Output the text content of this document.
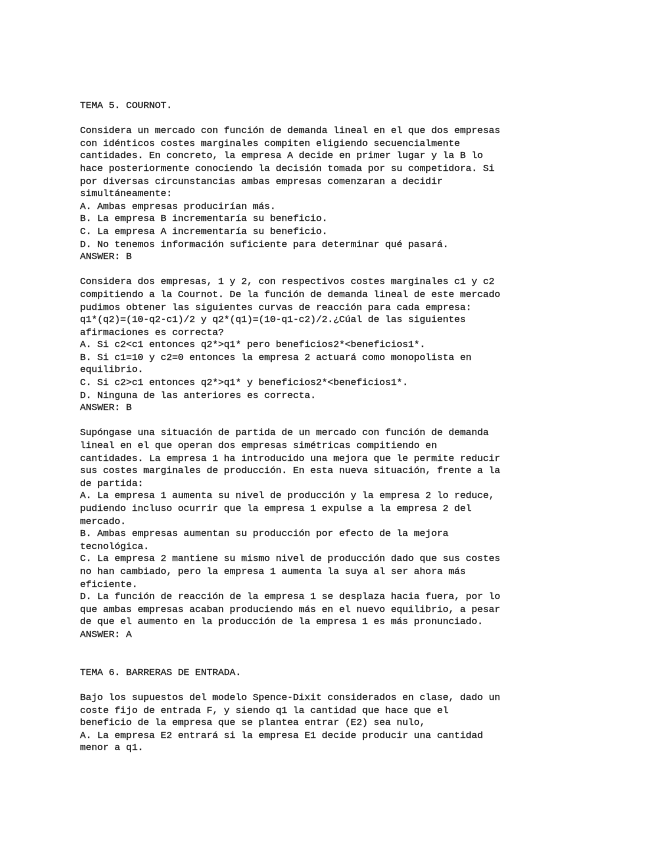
TEMA 5. COURNOT.
Considera un mercado con función de demanda lineal en el que dos empresas
con idénticos costes marginales compiten eligiendo secuencialmente
cantidades. En concreto, la empresa A decide en primer lugar y la B lo
hace posteriormente conociendo la decisión tomada por su competidora. Si
por diversas circunstancias ambas empresas comenzaran a decidir
simultáneamente:
A. Ambas empresas producirían más.
B. La empresa B incrementaría su beneficio.
C. La empresa A incrementaría su beneficio.
D. No tenemos información suficiente para determinar qué pasará.
ANSWER: B
Considera dos empresas, 1 y 2, con respectivos costes marginales c1 y c2
compitiendo a la Cournot. De la función de demanda lineal de este mercado
pudimos obtener las siguientes curvas de reacción para cada empresa:
q1*(q2)=(10-q2-c1)/2 y q2*(q1)=(10-q1-c2)/2.¿Cúal de las siguientes
afirmaciones es correcta?
A. Si c2<c1 entonces q2*>q1* pero beneficios2*<beneficios1*.
B. Si c1=10 y c2=0 entonces la empresa 2 actuará como monopolista en
equilibrio.
C. Si c2>c1 entonces q2*>q1* y beneficios2*<beneficios1*.
D. Ninguna de las anteriores es correcta.
ANSWER: B
Supóngase una situación de partida de un mercado con función de demanda
lineal en el que operan dos empresas simétricas compitiendo en
cantidades. La empresa 1 ha introducido una mejora que le permite reducir
sus costes marginales de producción. En esta nueva situación, frente a la
de partida:
A. La empresa 1 aumenta su nivel de producción y la empresa 2 lo reduce,
pudiendo incluso ocurrir que la empresa 1 expulse a la empresa 2 del
mercado.
B. Ambas empresas aumentan su producción por efecto de la mejora
tecnológica.
C. La empresa 2 mantiene su mismo nivel de producción dado que sus costes
no han cambiado, pero la empresa 1 aumenta la suya al ser ahora más
eficiente.
D. La función de reacción de la empresa 1 se desplaza hacia fuera, por lo
que ambas empresas acaban produciendo más en el nuevo equilibrio, a pesar
de que el aumento en la producción de la empresa 1 es más pronunciado.
ANSWER: A
TEMA 6. BARRERAS DE ENTRADA.
Bajo los supuestos del modelo Spence-Dixit considerados en clase, dado un
coste fijo de entrada F, y siendo q1 la cantidad que hace que el
beneficio de la empresa que se plantea entrar (E2) sea nulo,
A. La empresa E2 entrará si la empresa E1 decide producir una cantidad
menor a q1.
